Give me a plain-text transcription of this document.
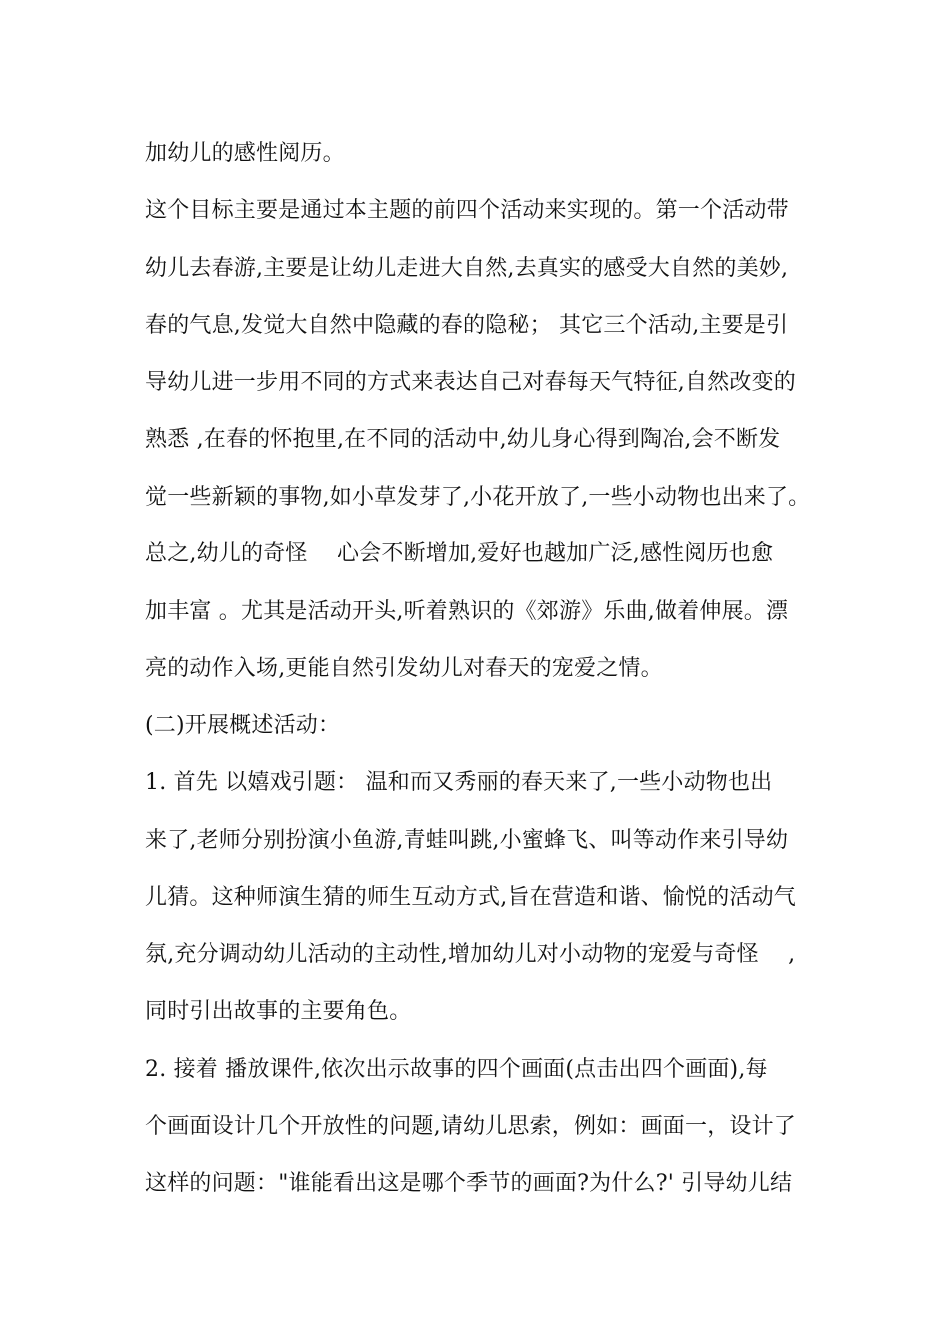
加幼儿的感性阅历。
这个目标主要是通过本主题的前四个活动来实现的。第一个活动带
幼儿去春游,主要是让幼儿走进大自然,去真实的感受大自然的美妙,
春的气息,发觉大自然中隐藏的春的隐秘； 其它三个活动,主要是引
导幼儿进一步用不同的方式来表达自己对春每天气特征,自然改变的
熟悉 ,在春的怀抱里,在不同的活动中,幼儿身心得到陶冶,会不断发
觉一些新颖的事物,如小草发芽了,小花开放了,一些小动物也出来了。
总之,幼儿的奇怪　 心会不断增加,爱好也越加广泛,感性阅历也愈
加丰富 。尤其是活动开头,听着熟识的《郊游》乐曲,做着伸展。漂
亮的动作入场,更能自然引发幼儿对春天的宠爱之情。
(二)开展概述活动：
1. 首先 以嬉戏引题： 温和而又秀丽的春天来了,一些小动物也出
来了,老师分别扮演小鱼游,青蛙叫跳,小蜜蜂飞、叫等动作来引导幼
儿猜。这种师演生猜的师生互动方式,旨在营造和谐、愉悦的活动气
氛,充分调动幼儿活动的主动性,增加幼儿对小动物的宠爱与奇怪　 ,
同时引出故事的主要角色。
2. 接着 播放课件,依次出示故事的四个画面(点击出四个画面),每
个画面设计几个开放性的问题,请幼儿思索，例如：画面一，设计了
这样的问题："谁能看出这是哪个季节的画面?为什么?' 引导幼儿结
